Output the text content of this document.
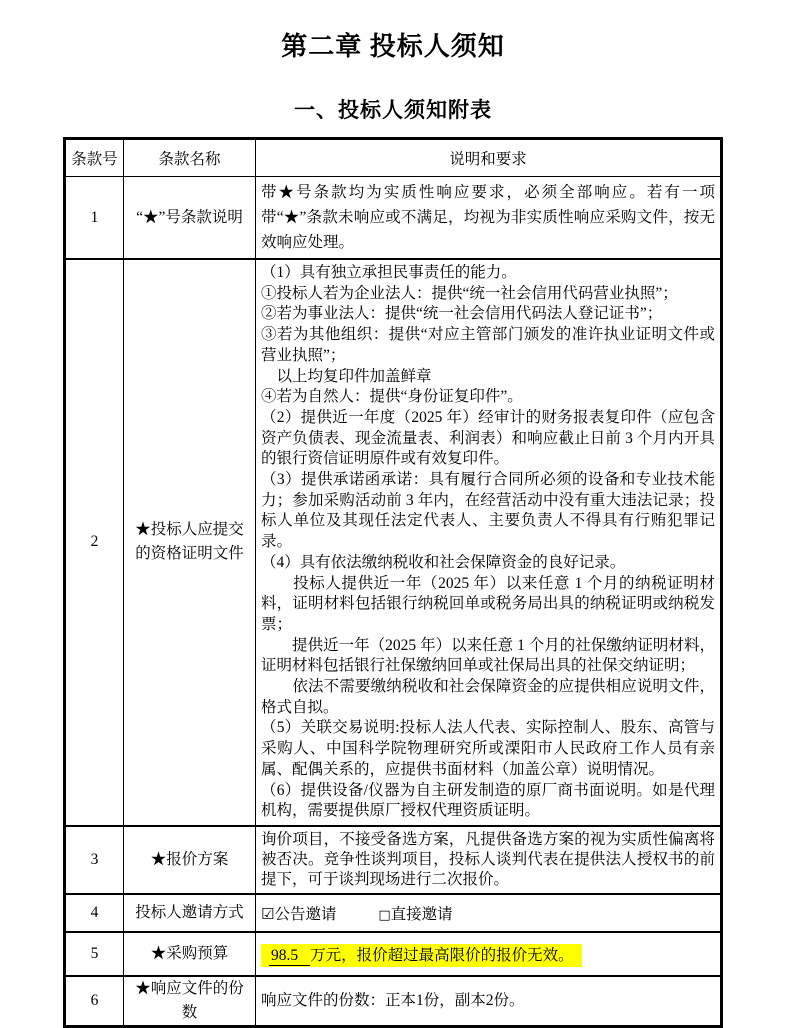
第二章 投标人须知
一、投标人须知附表
条款号	条款名称	说明和要求
1	“★”号条款说明	带★号条款均为实质性响应要求，必须全部响应。若有一项带“★”条款未响应或不满足，均视为非实质性响应采购文件，按无效响应处理。

2	★投标人应提交的资格证明文件	
（1）具有独立承担民事责任的能力。
①投标人若为企业法人：提供“统一社会信用代码营业执照”；
②若为事业法人：提供“统一社会信用代码法人登记证书”；
③若为其他组织：提供“对应主管部门颁发的准许执业证明文件或营业执照”；
　以上均复印件加盖鲜章
④若为自然人：提供“身份证复印件”。
（2）提供近一年度（2025 年）经审计的财务报表复印件（应包含资产负债表、现金流量表、利润表）和响应截止日前 3 个月内开具的银行资信证明原件或有效复印件。
（3）提供承诺函承诺：具有履行合同所必须的设备和专业技术能力；参加采购活动前 3 年内，在经营活动中没有重大违法记录；投标人单位及其现任法定代表人、主要负责人不得具有行贿犯罪记录。
（4）具有依法缴纳税收和社会保障资金的良好记录。
　　投标人提供近一年（2025 年）以来任意 1 个月的纳税证明材料，证明材料包括银行纳税回单或税务局出具的纳税证明或纳税发票；
　　提供近一年（2025 年）以来任意 1 个月的社保缴纳证明材料，证明材料包括银行社保缴纳回单或社保局出具的社保交纳证明；
　　依法不需要缴纳税收和社会保障资金的应提供相应说明文件，格式自拟。
（5）关联交易说明:投标人法人代表、实际控制人、股东、高管与采购人、中国科学院物理研究所或溧阳市人民政府工作人员有亲属、配偶关系的，应提供书面材料（加盖公章）说明情况。
（6）提供设备/仪器为自主研发制造的原厂商书面说明。如是代理机构，需要提供原厂授权代理资质证明。

3	★报价方案	询价项目，不接受备选方案，凡提供备选方案的视为实质性偏离将被否决。竞争性谈判项目，投标人谈判代表在提供法人授权书的前提下，可于谈判现场进行二次报价。

4	投标人邀请方式	☑公告邀请 □直接邀请
5	★采购预算	98.5 万元，报价超过最高限价的报价无效。
6	★响应文件的份数	响应文件的份数：正本1份，副本2份。
